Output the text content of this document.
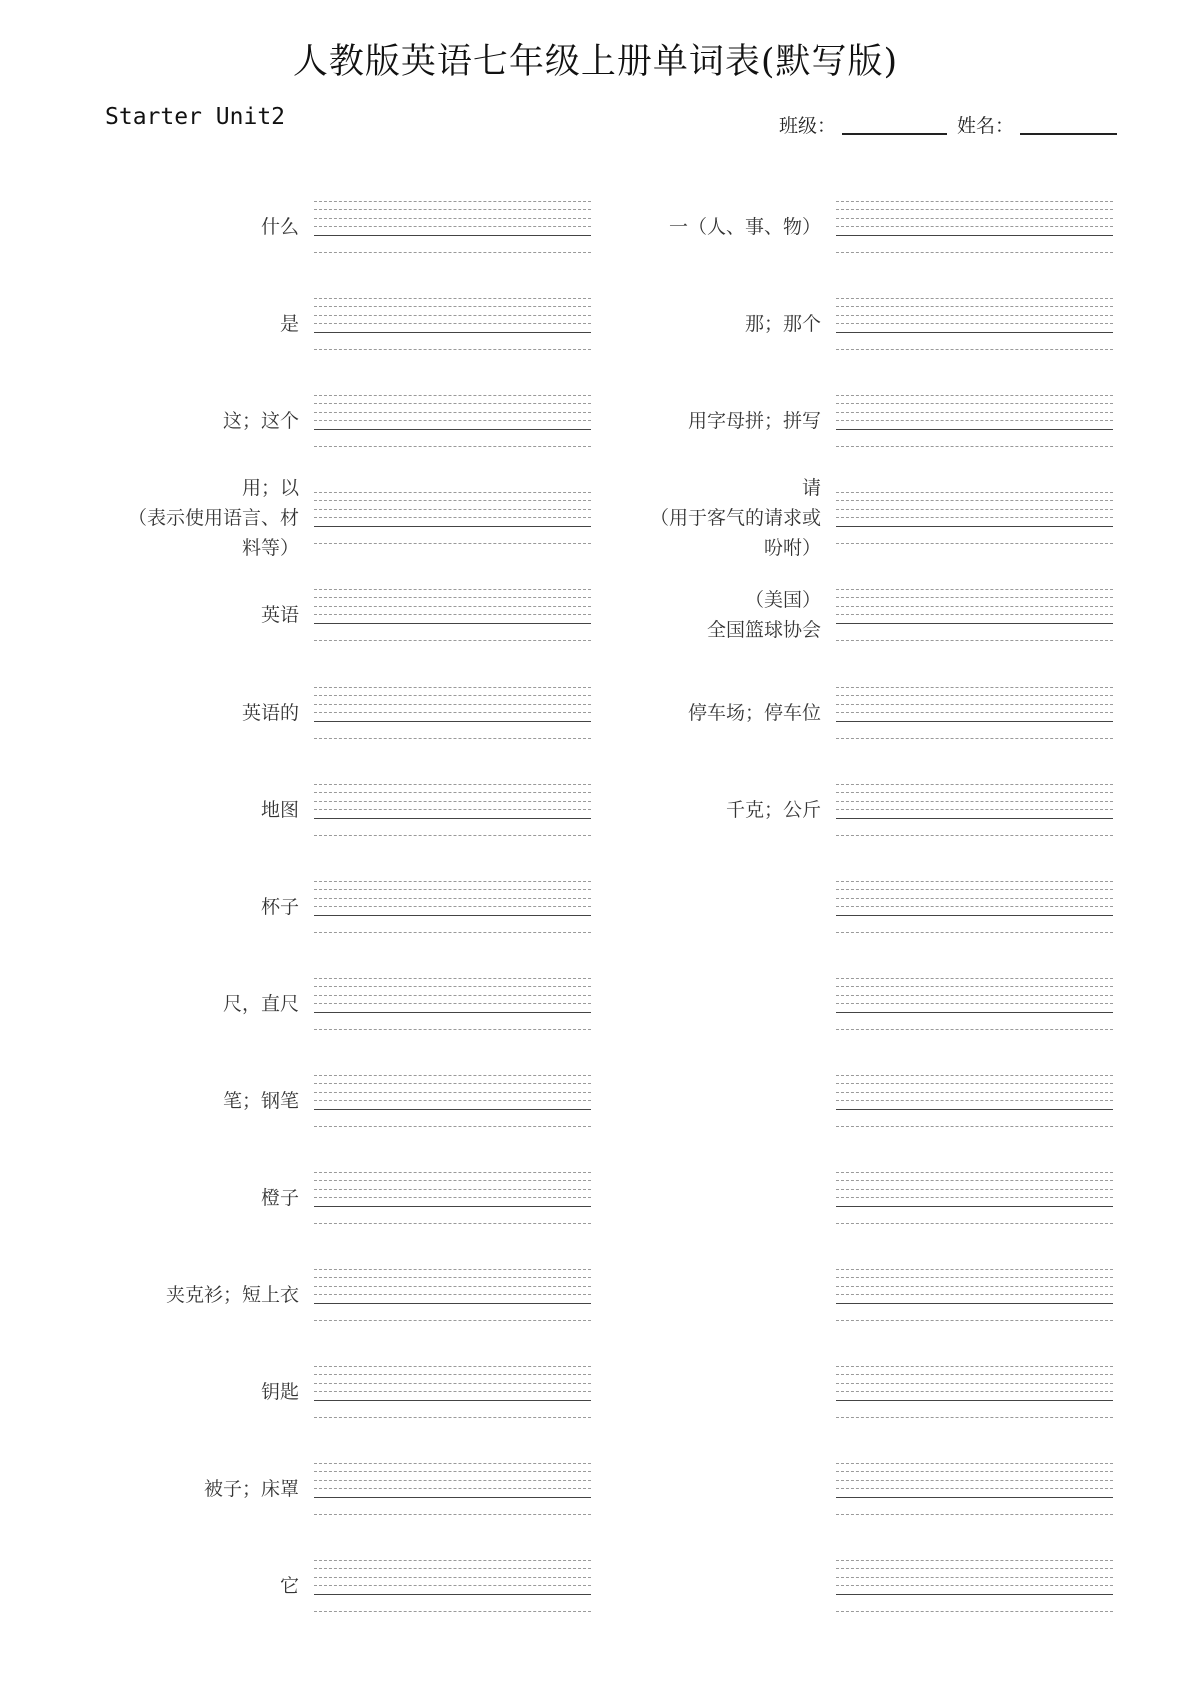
人教版英语七年级上册单词表(默写版)
Starter Unit2	班级：	姓名：
什么
是
这；这个
用；以
（表示使用语言、材
料等）
英语
英语的
地图
杯子
尺，直尺
笔；钢笔
橙子
夹克衫；短上衣
钥匙
被子；床罩
它
一（人、事、物）
那；那个
用字母拼；拼写
请
（用于客气的请求或
吩咐）
（美国）
全国篮球协会
停车场；停车位
千克；公斤
